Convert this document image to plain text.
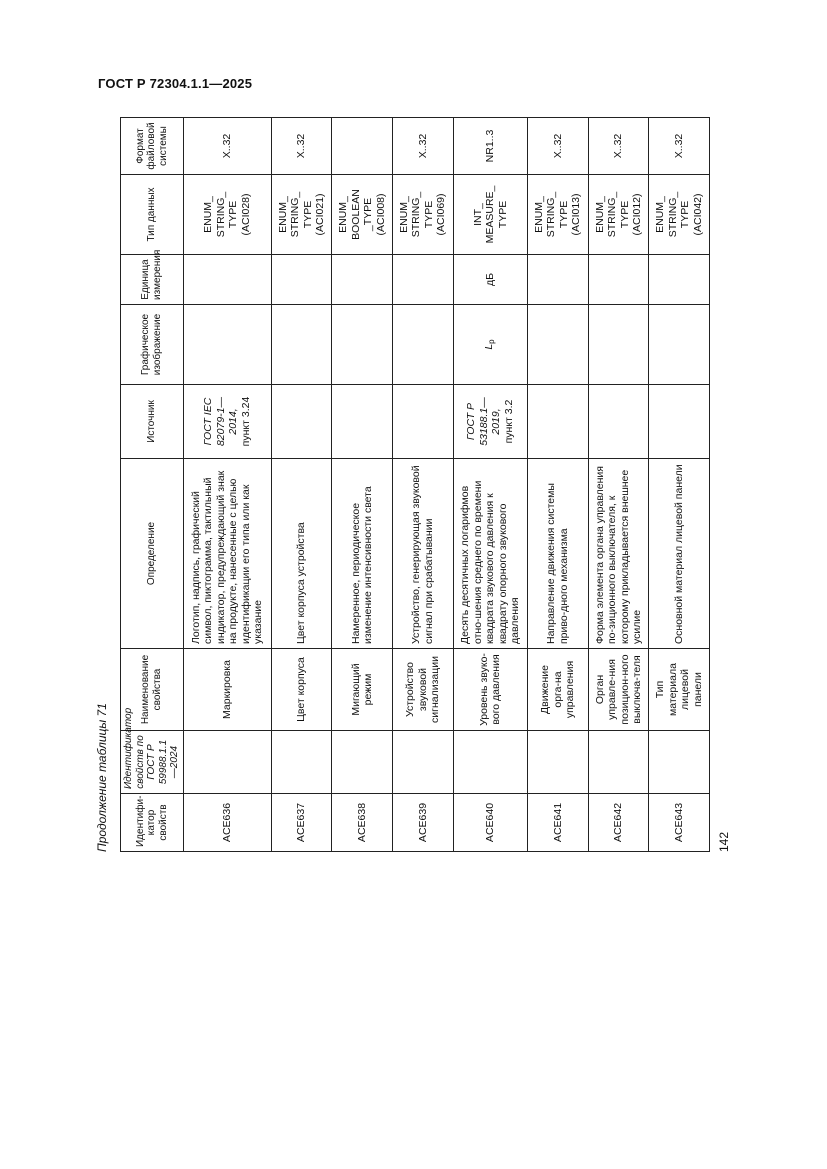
ГОСТ Р 72304.1.1—2025
Продолжение таблицы 71	Идентифи-катор свойств	Идентификатор свойств по ГОСТ Р 59988.1.1—2024	Наименование свойства	Определение	Источник	Графическое изображение	Единица измерения	Тип данных	Формат файловой системы
ACE636		Маркировка	Логотип, надпись, графический символ, пиктограмма, тактильный индикатор, предупреждающий знак на продукте, нанесенные с целью идентификации его типа или как указание	ГОСТ IEC 82079-1—2014, пункт 3.24			ENUM_ STRING_ TYPE (ACI028)	X..32
ACE637		Цвет корпуса	Цвет корпуса устройства				ENUM_ STRING_ TYPE (ACI021)	X..32
ACE638		Мигающий режим	Намеренное, периодическое изменение интенсивности света				ENUM_ BOOLEAN _TYPE (ACI008)	
ACE639		Устройство звуковой сигнализации	Устройство, генерирующая звуковой сигнал при срабатывании				ENUM_ STRING_ TYPE (ACI069)	X..32
ACE640		Уровень звуко-вого давления	Десять десятичных логарифмов отно-шения среднего по времени квадрата звукового давления к квадрату опорного звукового давления	ГОСТ Р 53188.1—2019, пункт 3.2	$L_p$	дБ	INT_ MEASURE_ TYPE	NR1..3
ACE641		Движение орга-на управления	Направление движения системы приво-дного механизма				ENUM_ STRING_ TYPE (ACI013)	X..32
ACE642		Орган управле-ния позицион-ного выключа-теля	Форма элемента органа управления по-зиционного выключателя, к которому прикладывается внешнее усилие				ENUM_ STRING_ TYPE (ACI012)	X..32
ACE643		Тип материала лицевой панели	Основной материал лицевой панели				ENUM_ STRING_ TYPE (ACI042)	X..32
142
